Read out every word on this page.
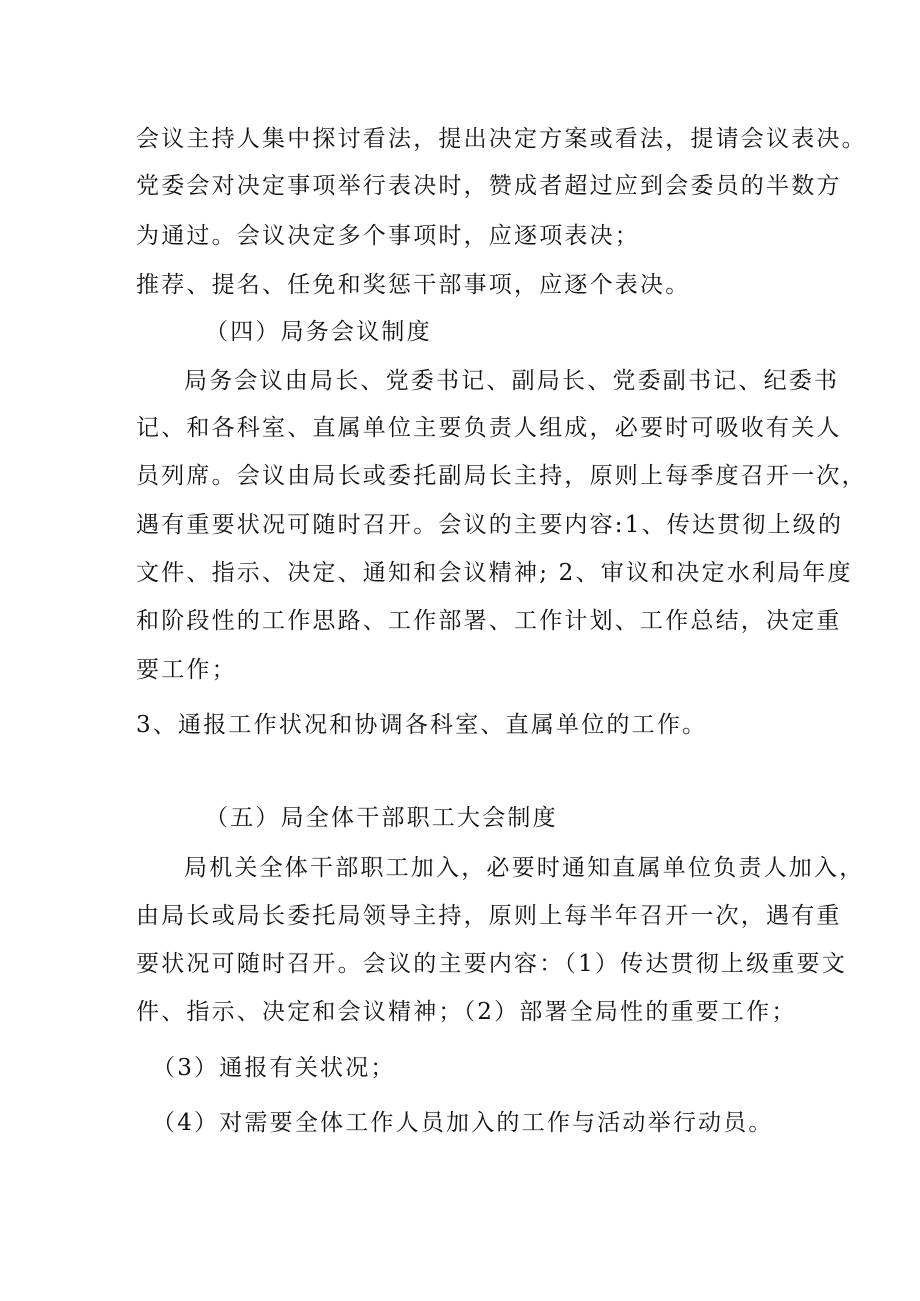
会议主持人集中探讨看法，提出决定方案或看法，提请会议表决。
党委会对决定事项举行表决时，赞成者超过应到会委员的半数方
为通过。会议决定多个事项时，应逐项表决；
推荐、提名、任免和奖惩干部事项，应逐个表决。
（四）局务会议制度
局务会议由局长、党委书记、副局长、党委副书记、纪委书
记、和各科室、直属单位主要负责人组成，必要时可吸收有关人
员列席。会议由局长或委托副局长主持，原则上每季度召开一次，
遇有重要状况可随时召开。会议的主要内容:1、传达贯彻上级的
文件、指示、决定、通知和会议精神; 2、审议和决定水利局年度
和阶段性的工作思路、工作部署、工作计划、工作总结，决定重
要工作；
3、通报工作状况和协调各科室、直属单位的工作。
（五）局全体干部职工大会制度
局机关全体干部职工加入，必要时通知直属单位负责人加入，
由局长或局长委托局领导主持，原则上每半年召开一次，遇有重
要状况可随时召开。会议的主要内容：（1）传达贯彻上级重要文
件、指示、决定和会议精神；（2）部署全局性的重要工作；
（3）通报有关状况；
（4）对需要全体工作人员加入的工作与活动举行动员。
